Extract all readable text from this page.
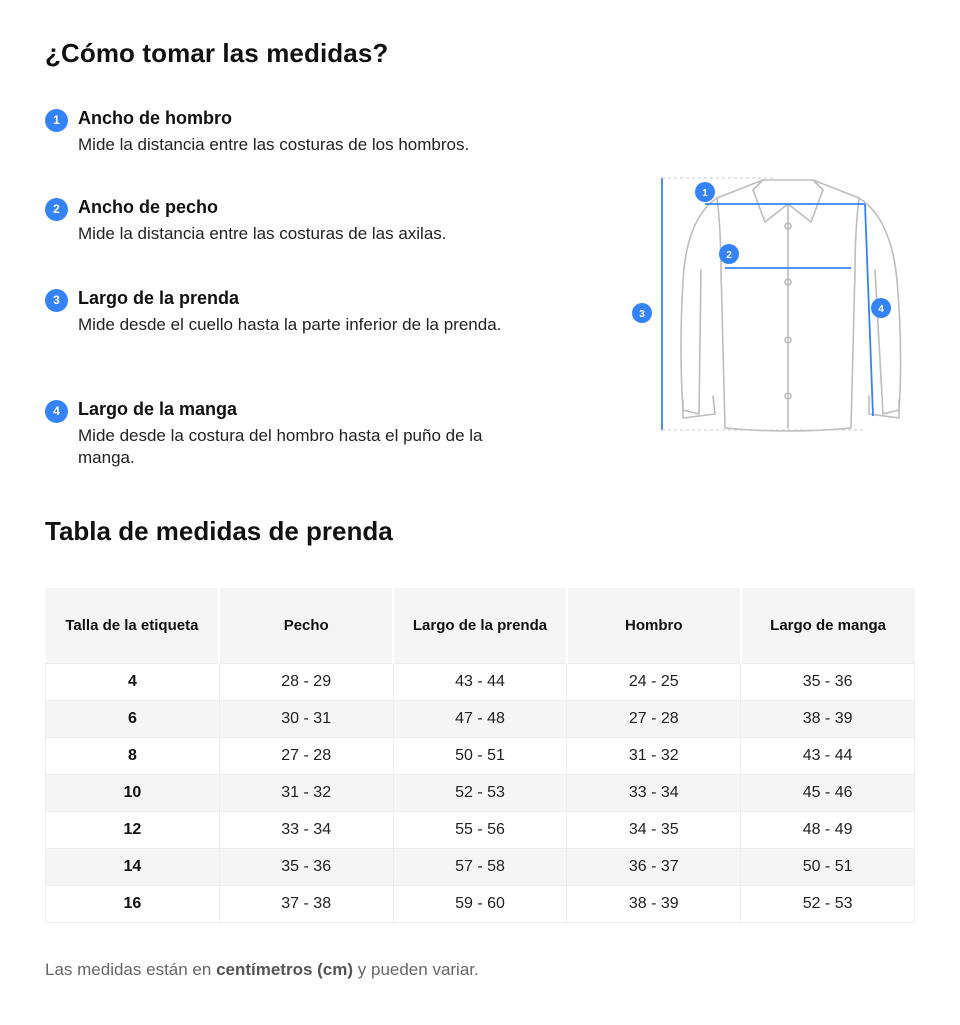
¿Cómo tomar las medidas?
1	Ancho de hombro

Mide la distancia entre las costuras de los hombros.

2	Ancho de pecho

Mide la distancia entre las costuras de las axilas.

3	Largo de la prenda

Mide desde el cuello hasta la parte inferior de la prenda.

4	Largo de la manga

Mide desde la costura del hombro hasta el puño de la manga.

1
2
3	4
Tabla de medidas de prenda
Talla de la etiqueta	Pecho	Largo de la prenda	Hombro	Largo de manga
4	28 - 29	43 - 44	24 - 25	35 - 36
6	30 - 31	47 - 48	27 - 28	38 - 39
8	27 - 28	50 - 51	31 - 32	43 - 44
10	31 - 32	52 - 53	33 - 34	45 - 46
12	33 - 34	55 - 56	34 - 35	48 - 49
14	35 - 36	57 - 58	36 - 37	50 - 51
16	37 - 38	59 - 60	38 - 39	52 - 53

Las medidas están en centímetros (cm) y pueden variar.
